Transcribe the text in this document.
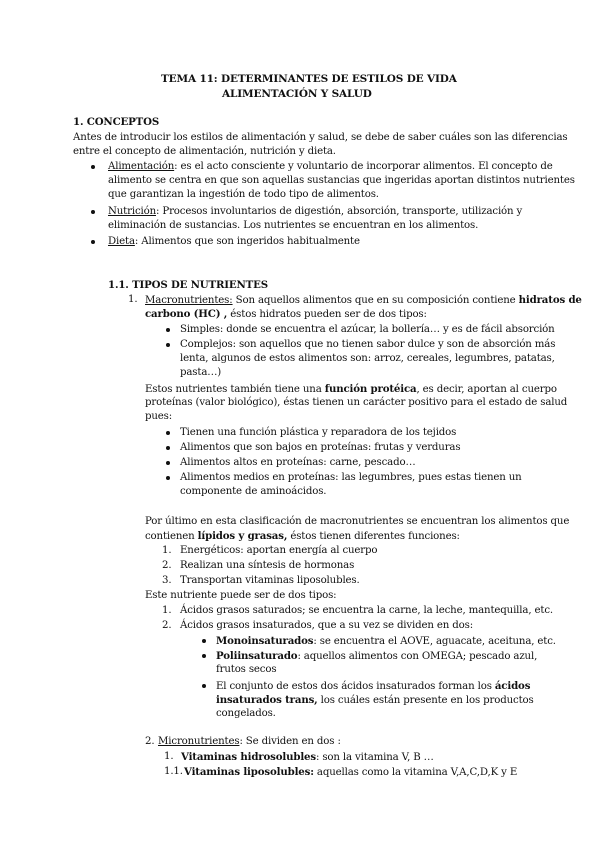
TEMA 11: DETERMINANTES DE ESTILOS DE VIDA
ALIMENTACIÓN Y SALUD
1. CONCEPTOS
Antes de introducir los estilos de alimentación y salud, se debe de saber cuáles son las diferencias
entre el concepto de alimentación, nutrición y dieta.
Alimentación: es el acto consciente y voluntario de incorporar alimentos. El concepto de
alimento se centra en que son aquellas sustancias que ingeridas aportan distintos nutrientes
que garantizan la ingestión de todo tipo de alimentos.
Nutrición: Procesos involuntarios de digestión, absorción, transporte, utilización y
eliminación de sustancias. Los nutrientes se encuentran en los alimentos.
Dieta: Alimentos que son ingeridos habitualmente
1.1. TIPOS DE NUTRIENTES
1. Macronutrientes: Son aquellos alimentos que en su composición contiene hidratos de
carbono (HC) , éstos hidratos pueden ser de dos tipos:
Simples: donde se encuentra el azúcar, la bollería… y es de fácil absorción
Complejos: son aquellos que no tienen sabor dulce y son de absorción más
lenta, algunos de estos alimentos son: arroz, cereales, legumbres, patatas,
pasta…)
Estos nutrientes también tiene una función protéica, es decir, aportan al cuerpo
proteínas (valor biológico), éstas tienen un carácter positivo para el estado de salud
pues:
Tienen una función plástica y reparadora de los tejidos
Alimentos que son bajos en proteínas: frutas y verduras
Alimentos altos en proteínas: carne, pescado…
Alimentos medios en proteínas: las legumbres, pues estas tienen un
componente de aminoácidos.
Por último en esta clasificación de macronutrientes se encuentran los alimentos que
contienen lípidos y grasas, éstos tienen diferentes funciones:
1. Energéticos: aportan energía al cuerpo
2. Realizan una síntesis de hormonas
3. Transportan vitaminas liposolubles.
Este nutriente puede ser de dos tipos:
1. Ácidos grasos saturados; se encuentra la carne, la leche, mantequilla, etc.
2. Ácidos grasos insaturados, que a su vez se dividen en dos:
Monoinsaturados: se encuentra el AOVE, aguacate, aceituna, etc.
Poliinsaturado: aquellos alimentos con OMEGA; pescado azul,
frutos secos
El conjunto de estos dos ácidos insaturados forman los ácidos
insaturados trans, los cuáles están presente en los productos
congelados.
2. Micronutrientes: Se dividen en dos :
1. Vitaminas hidrosolubles: son la vitamina V, B …
1.1. Vitaminas liposolubles: aquellas como la vitamina V,A,C,D,K y E
